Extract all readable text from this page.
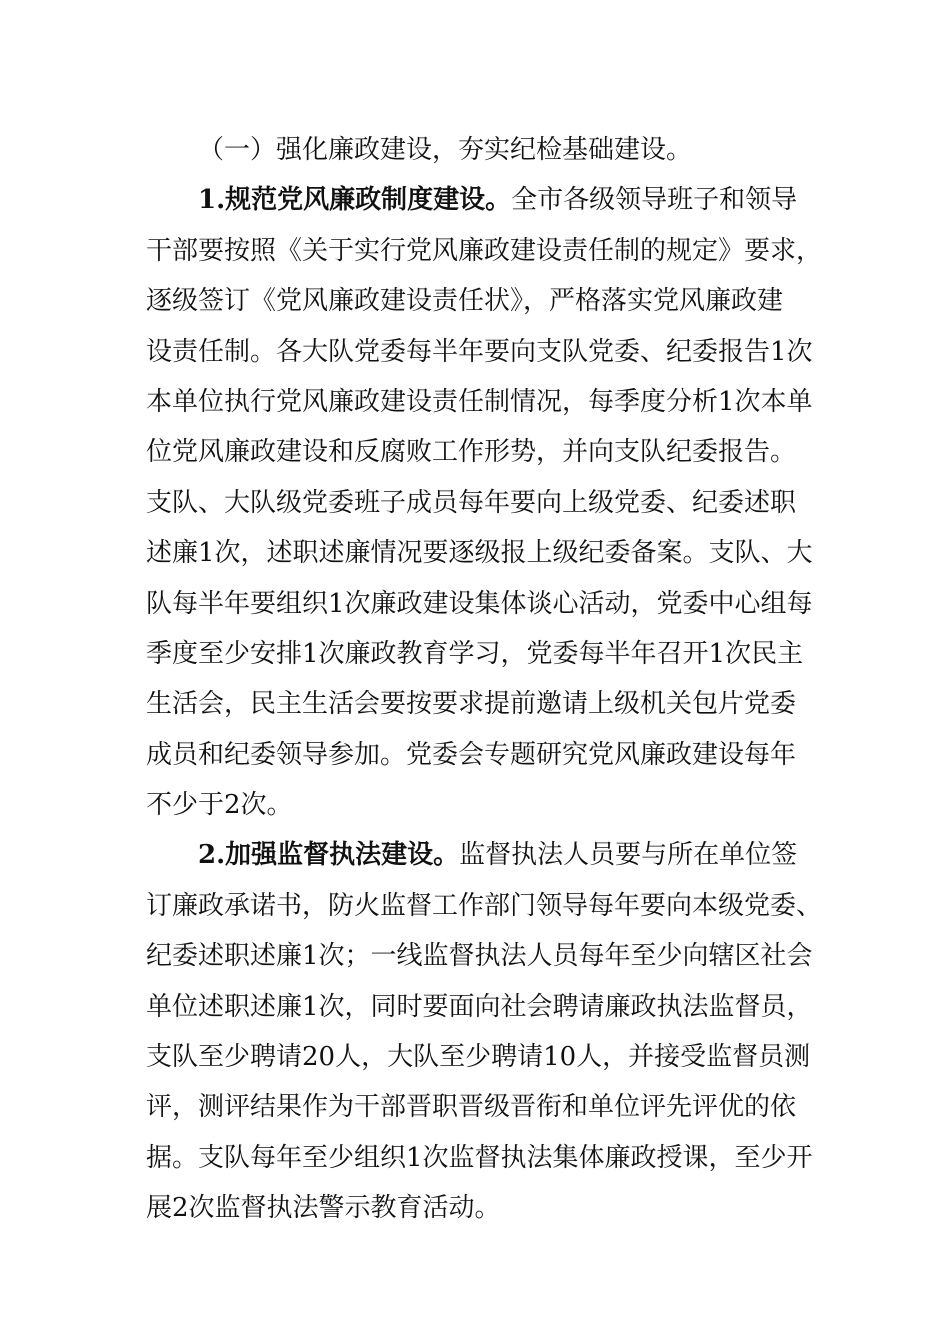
（一）强化廉政建设，夯实纪检基础建设。
1.规范党风廉政制度建设。全市各级领导班子和领导
干部要按照《关于实行党风廉政建设责任制的规定》要求，
逐级签订《党风廉政建设责任状》，严格落实党风廉政建
设责任制。各大队党委每半年要向支队党委、纪委报告1次
本单位执行党风廉政建设责任制情况，每季度分析1次本单
位党风廉政建设和反腐败工作形势，并向支队纪委报告。
支队、大队级党委班子成员每年要向上级党委、纪委述职
述廉1次，述职述廉情况要逐级报上级纪委备案。支队、大
队每半年要组织1次廉政建设集体谈心活动，党委中心组每
季度至少安排1次廉政教育学习，党委每半年召开1次民主
生活会，民主生活会要按要求提前邀请上级机关包片党委
成员和纪委领导参加。党委会专题研究党风廉政建设每年
不少于2次。
2.加强监督执法建设。监督执法人员要与所在单位签
订廉政承诺书，防火监督工作部门领导每年要向本级党委、
纪委述职述廉1次；一线监督执法人员每年至少向辖区社会
单位述职述廉1次，同时要面向社会聘请廉政执法监督员，
支队至少聘请20人，大队至少聘请10人，并接受监督员测
评，测评结果作为干部晋职晋级晋衔和单位评先评优的依
据。支队每年至少组织1次监督执法集体廉政授课，至少开
展2次监督执法警示教育活动。
